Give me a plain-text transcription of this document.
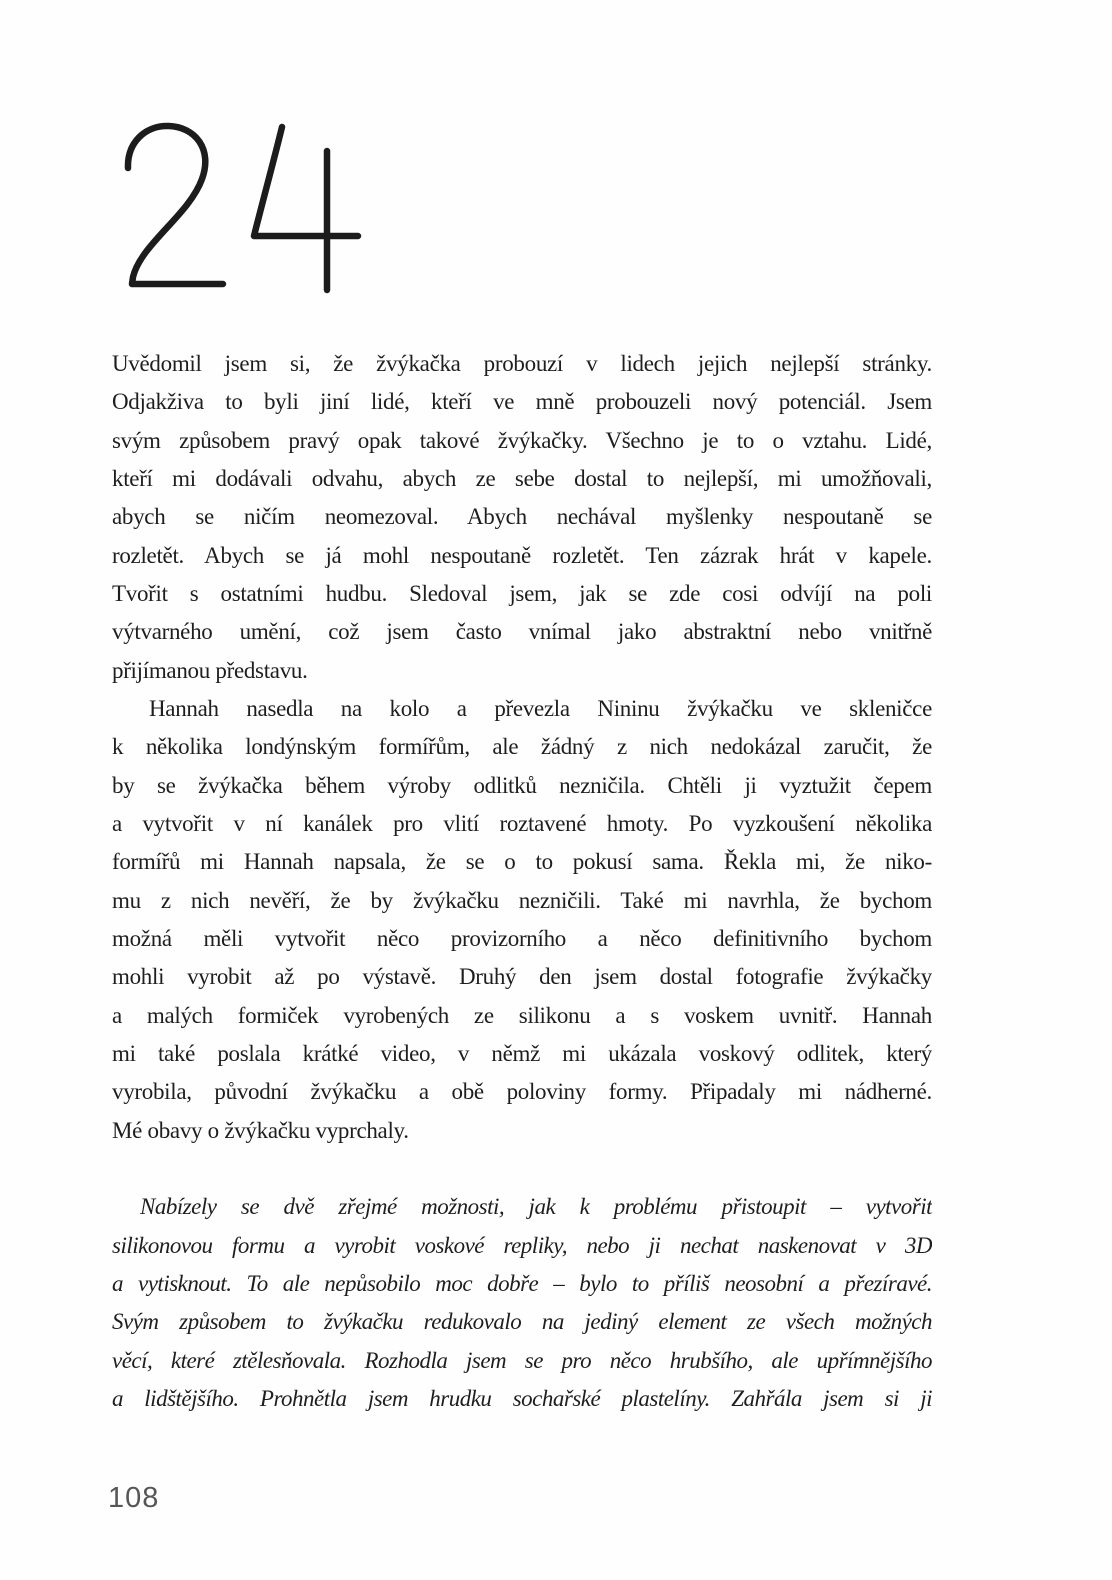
Uvědomil jsem si, že žvýkačka probouzí v lidech jejich nejlepší stránky.
Odjakživa to byli jiní lidé, kteří ve mně probouzeli nový potenciál. Jsem
svým způsobem pravý opak takové žvýkačky. Všechno je to o vztahu. Lidé,
kteří mi dodávali odvahu, abych ze sebe dostal to nejlepší, mi umožňovali,
abych se ničím neomezoval. Abych nechával myšlenky nespoutaně se
rozletět. Abych se já mohl nespoutaně rozletět. Ten zázrak hrát v kapele.
Tvořit s ostatními hudbu. Sledoval jsem, jak se zde cosi odvíjí na poli
výtvarného umění, což jsem často vnímal jako abstraktní nebo vnitřně
přijímanou představu.
Hannah nasedla na kolo a převezla Nininu žvýkačku ve skleničce
k několika londýnským formířům, ale žádný z nich nedokázal zaručit, že
by se žvýkačka během výroby odlitků nezničila. Chtěli ji vyztužit čepem
a vytvořit v ní kanálek pro vlití roztavené hmoty. Po vyzkoušení několika
formířů mi Hannah napsala, že se o to pokusí sama. Řekla mi, že niko-
mu z nich nevěří, že by žvýkačku nezničili. Také mi navrhla, že bychom
možná měli vytvořit něco provizorního a něco definitivního bychom
mohli vyrobit až po výstavě. Druhý den jsem dostal fotografie žvýkačky
a malých formiček vyrobených ze silikonu a s voskem uvnitř. Hannah
mi také poslala krátké video, v němž mi ukázala voskový odlitek, který
vyrobila, původní žvýkačku a obě poloviny formy. Připadaly mi nádherné.
Mé obavy o žvýkačku vyprchaly.
Nabízely se dvě zřejmé možnosti, jak k problému přistoupit – vytvořit
silikonovou formu a vyrobit voskové repliky, nebo ji nechat naskenovat v 3D
a vytisknout. To ale nepůsobilo moc dobře – bylo to příliš neosobní a přezíravé.
Svým způsobem to žvýkačku redukovalo na jediný element ze všech možných
věcí, které ztělesňovala. Rozhodla jsem se pro něco hrubšího, ale upřímnějšího
a lidštějšího. Prohnětla jsem hrudku sochařské plastelíny. Zahřála jsem si ji
108
